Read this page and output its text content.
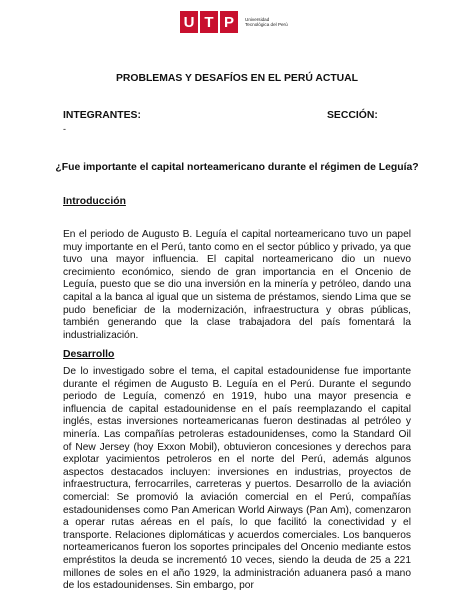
U T P	Universidad Tecnológica del Perú
PROBLEMAS Y DESAFÍOS EN EL PERÚ ACTUAL
INTEGRANTES:	SECCIÓN:
-
¿Fue importante el capital norteamericano durante el régimen de Leguía?
Introducción
En el periodo de Augusto B. Leguía el capital norteamericano tuvo un papel muy importante en el Perú, tanto como en el sector público y privado, ya que tuvo una mayor influencia. El capital norteamericano dio un nuevo crecimiento económico, siendo de gran importancia en el Oncenio de Leguía, puesto que se dio una inversión en la minería y petróleo, dando una capital a la banca al igual que un sistema de préstamos, siendo Lima que se pudo beneficiar de la modernización, infraestructura y obras públicas, también generando que la clase trabajadora del país fomentará la industrialización.
Desarrollo
De lo investigado sobre el tema, el capital estadounidense fue importante durante el régimen de Augusto B. Leguía en el Perú. Durante el segundo periodo de Leguía, comenzó en 1919, hubo una mayor presencia e influencia de capital estadounidense en el país reemplazando el capital inglés, estas inversiones norteamericanas fueron destinadas al petróleo y minería. Las compañías petroleras estadounidenses, como la Standard Oil of New Jersey (hoy Exxon Mobil), obtuvieron concesiones y derechos para explotar yacimientos petroleros en el norte del Perú, además algunos aspectos destacados incluyen: inversiones en industrias, proyectos de infraestructura, ferrocarriles, carreteras y puertos. Desarrollo de la aviación comercial: Se promovió la aviación comercial en el Perú, compañías estadounidenses como Pan American World Airways (Pan Am), comenzaron a operar rutas aéreas en el país, lo que facilitó la conectividad y el transporte. Relaciones diplomáticas y acuerdos comerciales. Los banqueros norteamericanos fueron los soportes principales del Oncenio mediante estos empréstitos la deuda se incrementó 10 veces, siendo la deuda de 25 a 221 millones de soles en el año 1929, la administración aduanera pasó a mano de los estadounidenses. Sin embargo, por
